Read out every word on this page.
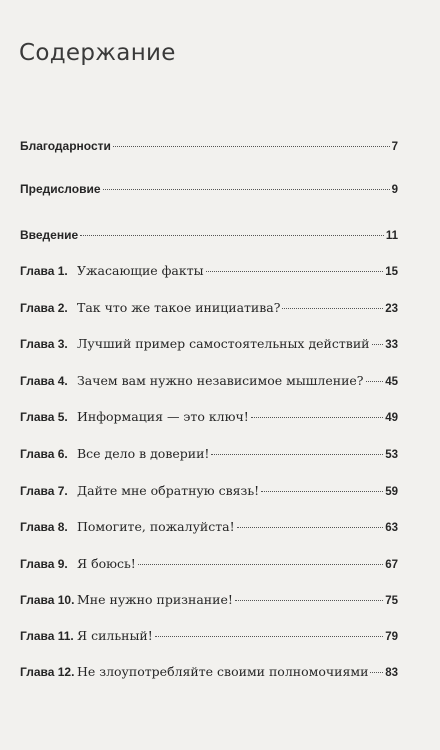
Содержание
Благодарности	7
Предисловие	9
Введение	11
Глава 1. Ужасающие факты	15
Глава 2. Так что же такое инициатива?	23
Глава 3. Лучший пример самостоятельных действий 33
Глава 4. Зачем вам нужно независимое мышление? 45
Глава 5. Информация — это ключ!	49
Глава 6. Все дело в доверии!	53
Глава 7. Дайте мне обратную связь!	59
Глава 8. Помогите, пожалуйста!	63
Глава 9. Я боюсь!	67
Глава 10. Мне нужно признание!	75
Глава 11. Я сильный!	79
Глава 12. Не злоупотребляйте своими полномочиями 83
